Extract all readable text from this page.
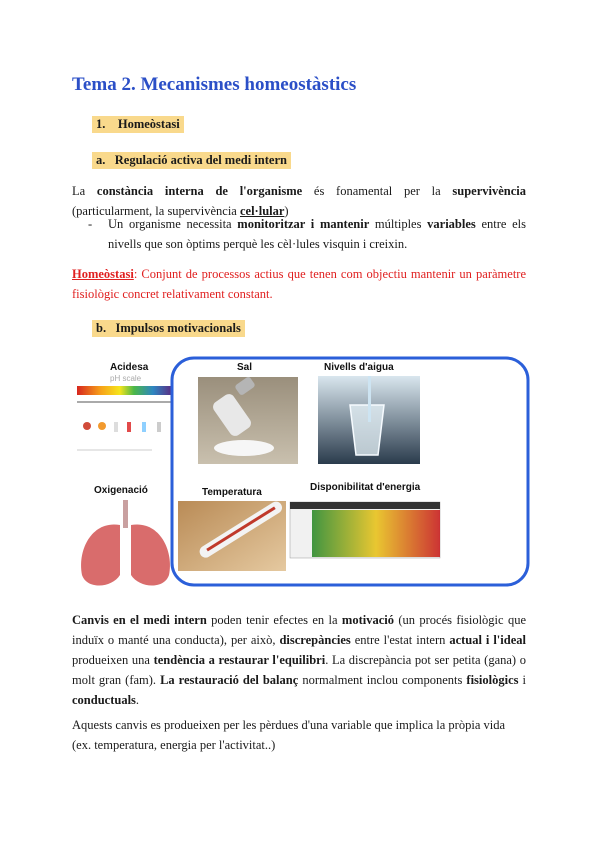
Tema 2. Mecanismes homeostàstics
1. Homeòstasi
a. Regulació activa del medi intern

La constància interna de l'organisme és fonamental per la supervivència (particularment, la supervivència cel·lular)

-	Un organisme necessita monitoritzar i mantenir múltiples variables entre els nivells que son òptims perquè les cèl·lules visquin i creixin.

Homeòstasi: Conjunt de processos actius que tenen com objectiu mantenir un paràmetre fisiològic concret relativament constant.

b. Impulsos motivacionals
Acidesa
pH scale
Oxigenació
Sal	Nivells d'aigua
Temperatura	Disponibilitat d'energia

Canvis en el medi intern poden tenir efectes en la motivació (un procés fisiològic que induïx o manté una conducta), per això, discrepàncies entre l'estat intern actual i l'ideal produeixen una tendència a restaurar l'equilibri. La discrepància pot ser petita (gana) o molt gran (fam). La restauració del balanç normalment inclou components fisiològics i conductuals.

Aquests canvis es produeixen per les pèrdues d'una variable que implica la pròpia vida (ex. temperatura, energia per l'activitat..)
